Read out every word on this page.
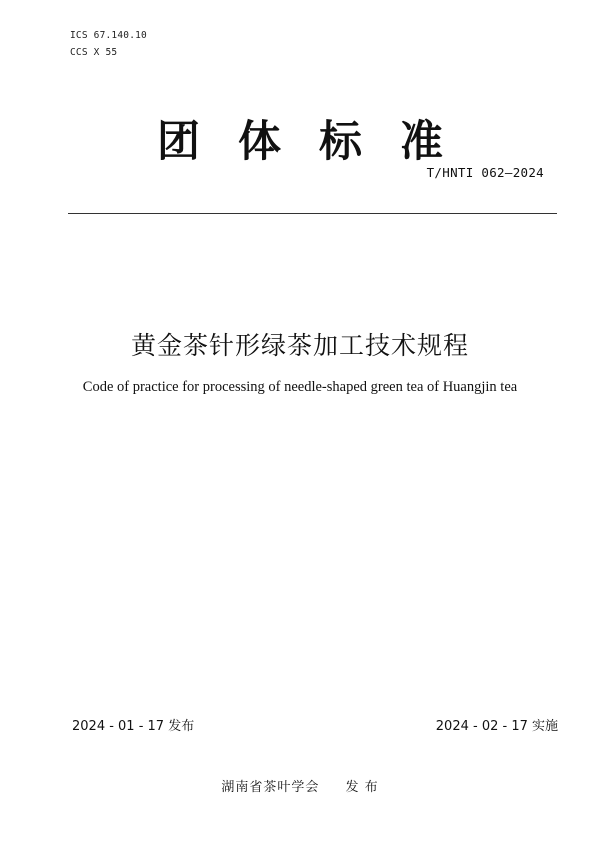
ICS 67.140.10
CCS X 55
团体标准
T/HNTI 062—2024
黄金茶针形绿茶加工技术规程
Code of practice for processing of needle-shaped green tea of Huangjin tea
2024 - 01 - 17 发布	2024 - 02 - 17 实施
湖南省茶叶学会 发 布
